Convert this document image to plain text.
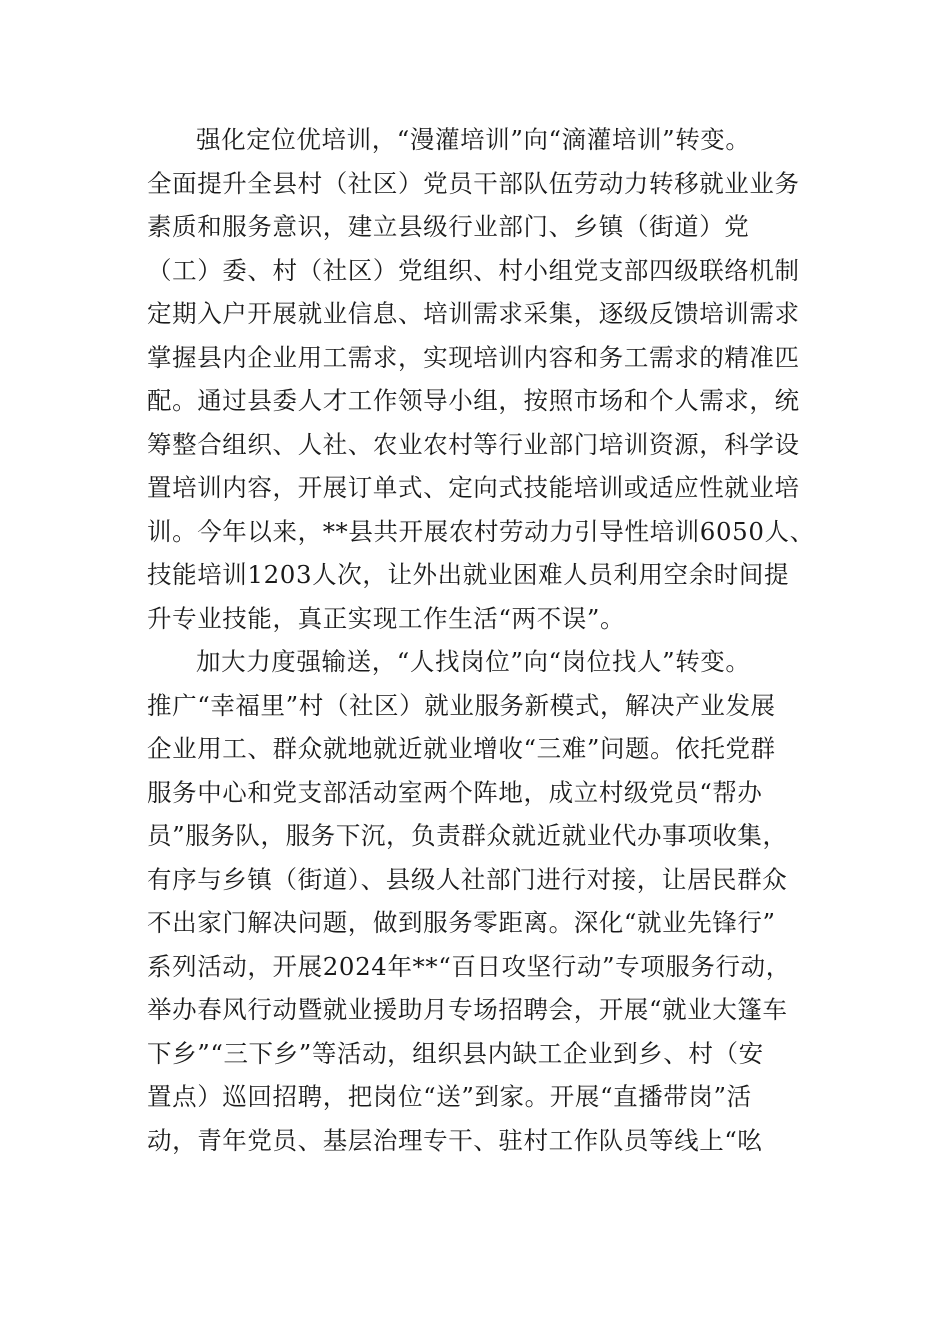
强化定位优培训，“漫灌培训”向“滴灌培训”转变。
全面提升全县村（社区）党员干部队伍劳动力转移就业业务
素质和服务意识，建立县级行业部门、乡镇（街道）党
（工）委、村（社区）党组织、村小组党支部四级联络机制
定期入户开展就业信息、培训需求采集，逐级反馈培训需求
掌握县内企业用工需求，实现培训内容和务工需求的精准匹
配。通过县委人才工作领导小组，按照市场和个人需求，统
筹整合组织、人社、农业农村等行业部门培训资源，科学设
置培训内容，开展订单式、定向式技能培训或适应性就业培
训。今年以来，**县共开展农村劳动力引导性培训6050人、
技能培训1203人次，让外出就业困难人员利用空余时间提
升专业技能，真正实现工作生活“两不误”。
加大力度强输送，“人找岗位”向“岗位找人”转变。
推广“幸福里”村（社区）就业服务新模式，解决产业发展
企业用工、群众就地就近就业增收“三难”问题。依托党群
服务中心和党支部活动室两个阵地，成立村级党员“帮办
员”服务队，服务下沉，负责群众就近就业代办事项收集，
有序与乡镇（街道）、县级人社部门进行对接，让居民群众
不出家门解决问题，做到服务零距离。深化“就业先锋行”
系列活动，开展2024年**“百日攻坚行动”专项服务行动，
举办春风行动暨就业援助月专场招聘会，开展“就业大篷车
下乡”“三下乡”等活动，组织县内缺工企业到乡、村（安
置点）巡回招聘，把岗位“送”到家。开展“直播带岗”活
动，青年党员、基层治理专干、驻村工作队员等线上“吆
